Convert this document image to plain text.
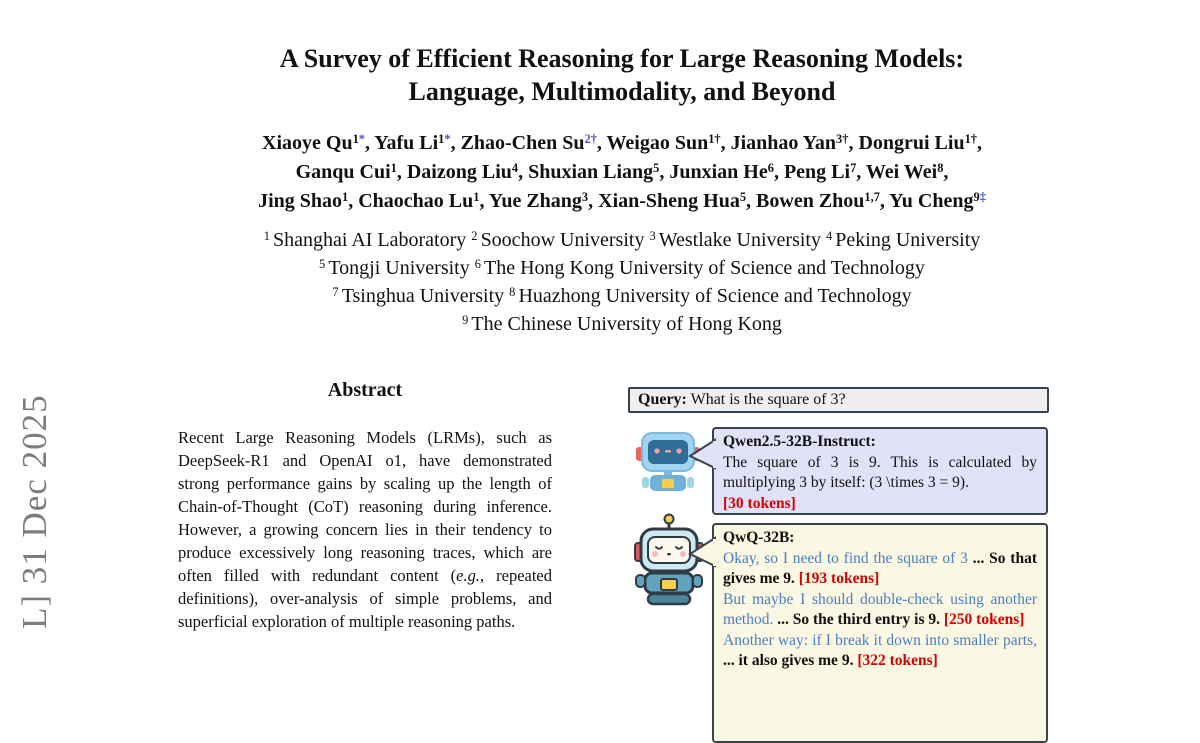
L] 31 Dec 2025
A Survey of Efficient Reasoning for Large Reasoning Models:
Language, Multimodality, and Beyond
Xiaoye $Qu^{1*}$, Yafu $Li^{1*}$, Zhao-Chen $Su^{2\dagger}$, Weigao Sun$^{1\dagger}$, Jianhao Yan$^{3\dagger}$, Dongrui Liu$^{1\dagger}$,
Ganqu Cui$^1$, Daizong Liu$^4$, Shuxian Liang$^5$, Junxian He$^6$, Peng Li$^7$, Wei Wei$^8$,
Jing Shao$^1$, Chaochao Lu$^1$, Yue Zhang$^3$, Xian-Sheng Hua$^5$, Bowen Zhou$^{1,7}$, Yu Cheng$^{9\ddagger}$
$^1$ Shanghai AI Laboratory $^2$ Soochow University $^3$ Westlake University $^4$ Peking University
$^5$ Tongji University $^6$ The Hong Kong University of Science and Technology
$^7$ Tsinghua University $^8$ Huazhong University of Science and Technology
$^9$ The Chinese University of Hong Kong
Abstract
Recent Large Reasoning Models (LRMs), such as DeepSeek-R1 and OpenAI o1, have demonstrated strong performance gains by scaling up the length of Chain-of-Thought (CoT) reasoning during inference. However, a growing concern lies in their tendency to produce excessively long reasoning traces, which are often filled with redundant content (e.g., repeated definitions), over-analysis of simple problems, and superficial exploration of multiple reasoning paths.
Query: What is the square of 3?
Qwen2.5-32B-Instruct:
The square of 3 is 9. This is calculated by multiplying 3 by itself: (3 \times 3 = 9).
[30 tokens]
QwQ-32B:
Okay, so I need to find the square of 3 ... So that gives me 9. [193 tokens]
But maybe I should double-check using another method. ... So the third entry is 9. [250 tokens]
Another way: if I break it down into smaller parts, ... it also gives me 9. [322 tokens]
